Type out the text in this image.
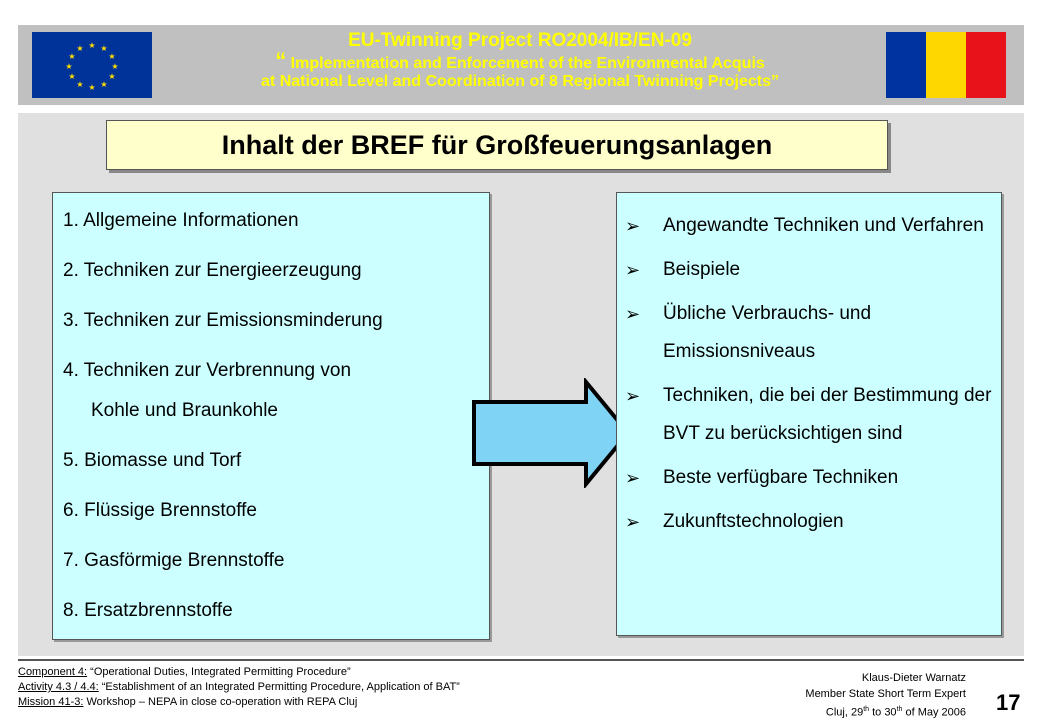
★ ★
★
★
★
★
★
★
★
★
★
★	EU-Twinning Project RO2004/IB/EN-09
“ Implementation and Enforcement of the Environmental Acquis
at National Level and Coordination of 8 Regional Twinning Projects”
Inhalt der BREF für Großfeuerungsanlagen
1. Allgemeine Informationen
2. Techniken zur Energieerzeugung
3. Techniken zur Emissionsminderung
4. Techniken zur Verbrennung von
Kohle und Braunkohle
5. Biomasse und Torf
6. Flüssige Brennstoffe
7. Gasförmige Brennstoffe
8. Ersatzbrennstoffe
➢ Angewandte Techniken und Verfahren
➢ Beispiele
➢ Übliche Verbrauchs- und Emissionsniveaus
➢ Techniken, die bei der Bestimmung der BVT zu berücksichtigen sind
➢ Beste verfügbare Techniken
➢ Zukunftstechnologien
Component 4: “Operational Duties, Integrated Permitting Procedure”
Activity 4.3 / 4.4: “Establishment of an Integrated Permitting Procedure, Application of BAT”
Mission 41-3: Workshop – NEPA in close co-operation with REPA Cluj
Klaus-Dieter Warnatz
Member State Short Term Expert
Cluj, 29th to 30th of May 2006 17
